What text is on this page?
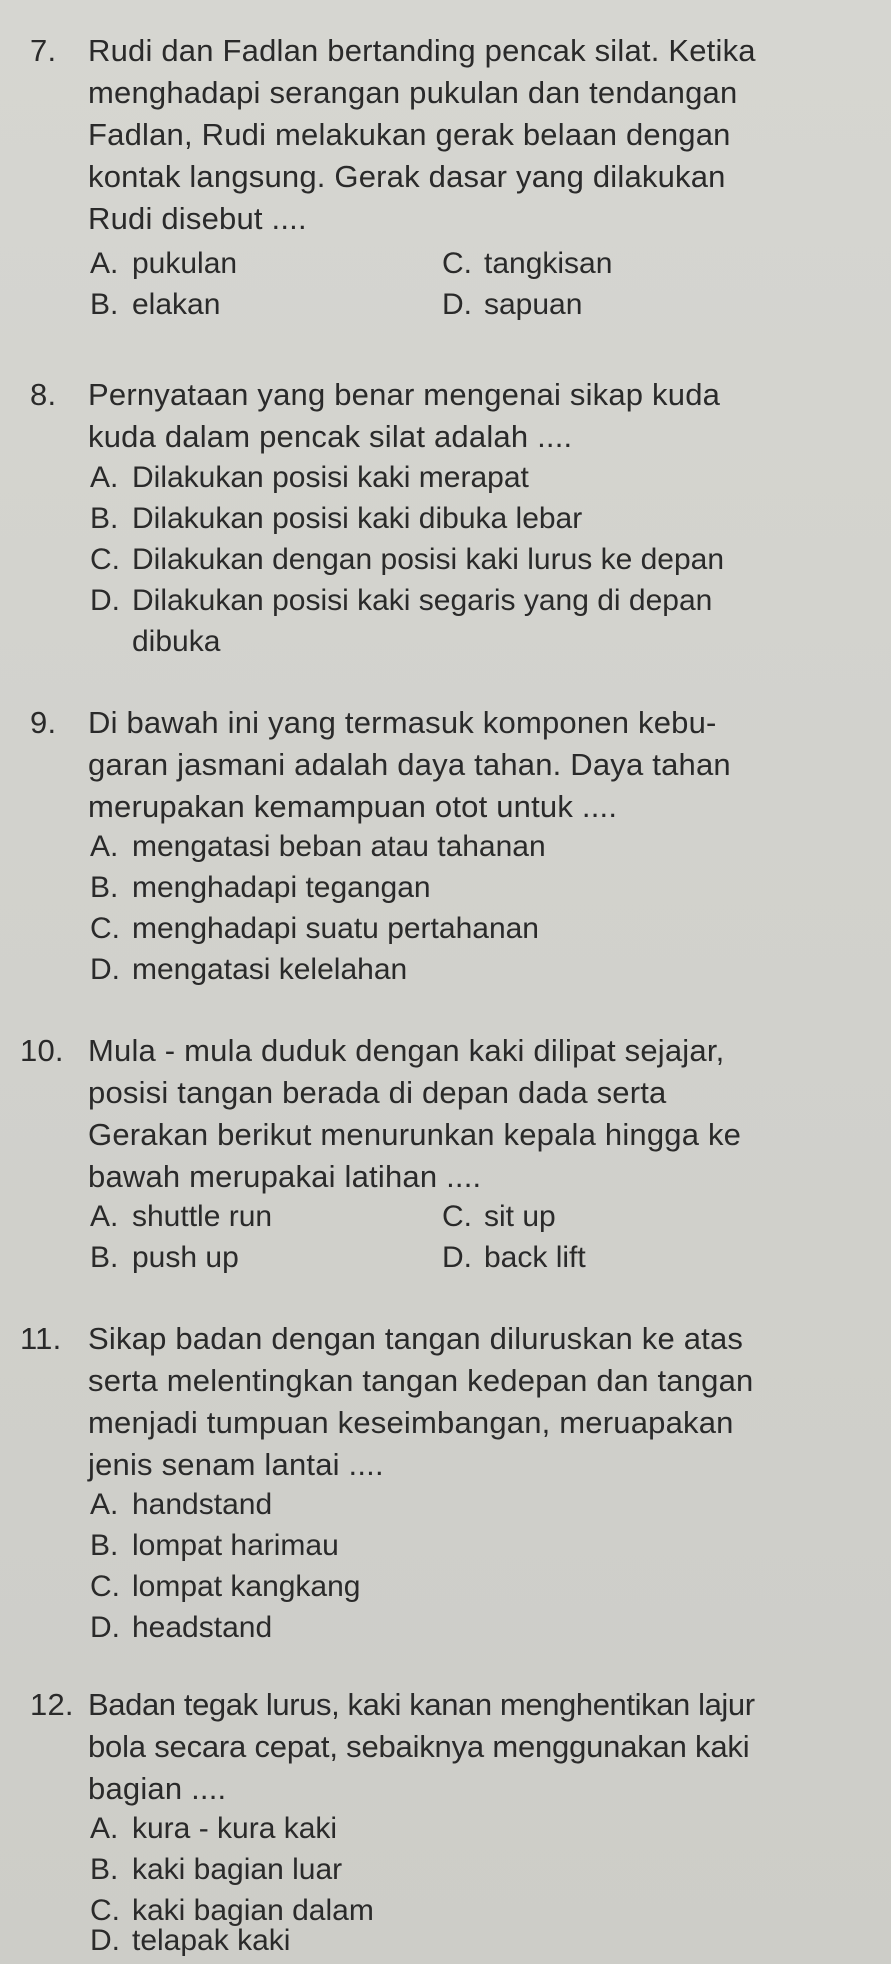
7. Rudi dan Fadlan bertanding pencak silat. Ketika
menghadapi serangan pukulan dan tendangan
Fadlan, Rudi melakukan gerak belaan dengan
kontak langsung. Gerak dasar yang dilakukan
Rudi disebut ....
A. pukulan	C. tangkisan
B. elakan	D. sapuan
8. Pernyataan yang benar mengenai sikap kuda
kuda dalam pencak silat adalah ....
A. Dilakukan posisi kaki merapat
B. Dilakukan posisi kaki dibuka lebar
C. Dilakukan dengan posisi kaki lurus ke depan
D. Dilakukan posisi kaki segaris yang di depan
dibuka
9. Di bawah ini yang termasuk komponen kebu-
garan jasmani adalah daya tahan. Daya tahan
merupakan kemampuan otot untuk ....
A. mengatasi beban atau tahanan
B. menghadapi tegangan
C. menghadapi suatu pertahanan
D. mengatasi kelelahan
10. Mula - mula duduk dengan kaki dilipat sejajar,
posisi tangan berada di depan dada serta
Gerakan berikut menurunkan kepala hingga ke
bawah merupakai latihan ....
A. shuttle run	C. sit up
B. push up	D. back lift
11. Sikap badan dengan tangan diluruskan ke atas
serta melentingkan tangan kedepan dan tangan
menjadi tumpuan keseimbangan, meruapakan
jenis senam lantai ....
A. handstand
B. lompat harimau
C. lompat kangkang
D. headstand
12. Badan tegak lurus, kaki kanan menghentikan lajur
bola secara cepat, sebaiknya menggunakan kaki
bagian ....
A. kura - kura kaki
B. kaki bagian luar
C. kaki bagian dalam
D. telapak kaki
